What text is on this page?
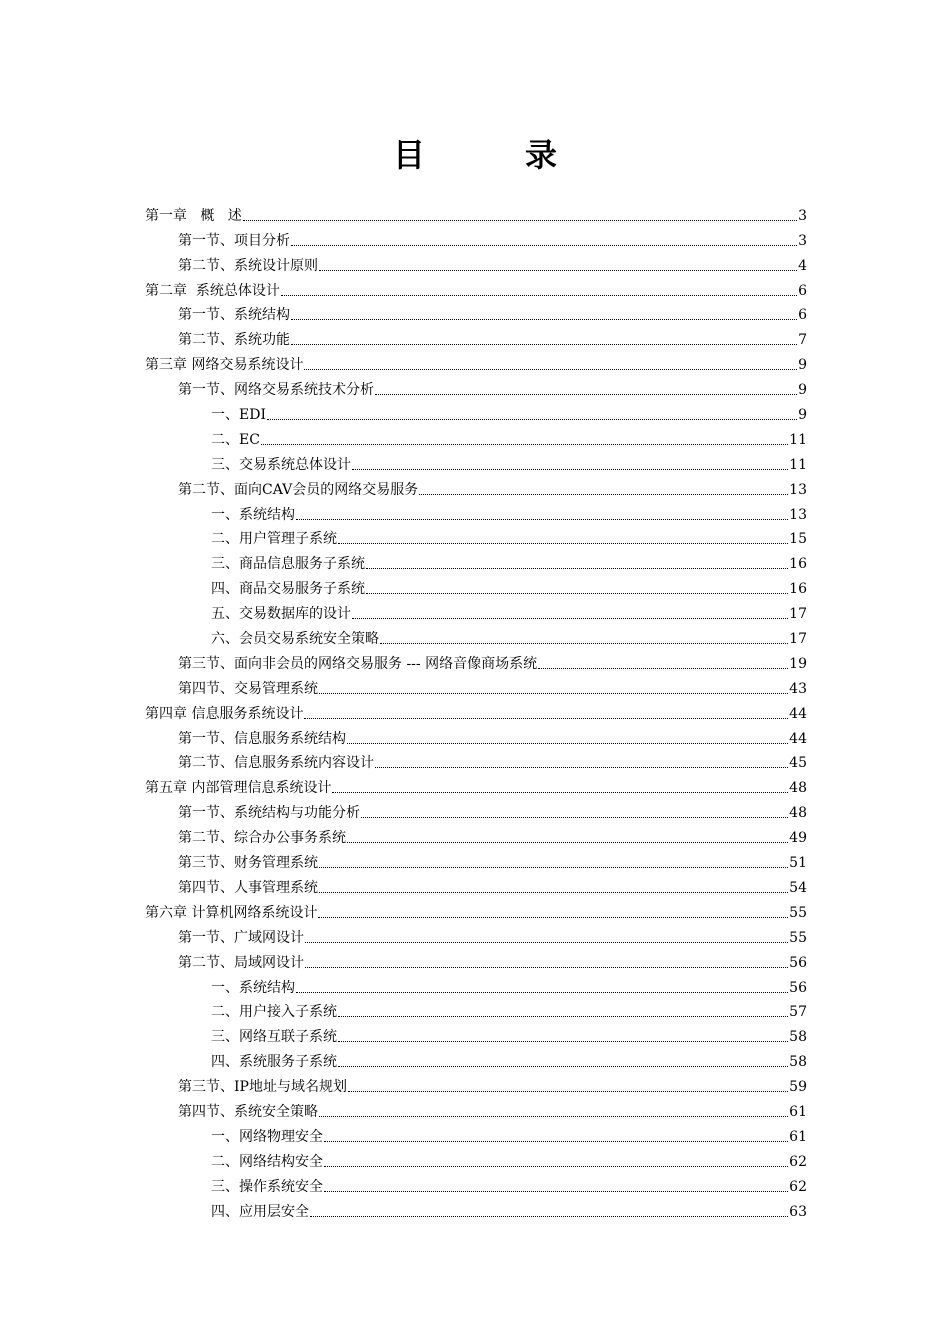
目	录
第一章   概   述	3
第一节、项目分析	3
第二节、系统设计原则	4
第二章  系统总体设计	6
第一节、系统结构	6
第二节、系统功能	7
第三章 网络交易系统设计	9
第一节、网络交易系统技术分析	9
一、EDI	9
二、EC	11
三、交易系统总体设计	11
第二节、面向CAV会员的网络交易服务	13
一、系统结构	13
二、用户管理子系统	15
三、商品信息服务子系统	16
四、商品交易服务子系统	16
五、交易数据库的设计	17
六、会员交易系统安全策略	17
第三节、面向非会员的网络交易服务 --- 网络音像商场系统	19
第四节、交易管理系统	43
第四章 信息服务系统设计	44
第一节、信息服务系统结构	44
第二节、信息服务系统内容设计	45
第五章 内部管理信息系统设计	48
第一节、系统结构与功能分析	48
第二节、综合办公事务系统	49
第三节、财务管理系统	51
第四节、人事管理系统	54
第六章 计算机网络系统设计	55
第一节、广域网设计	55
第二节、局域网设计	56
一、系统结构	56
二、用户接入子系统	57
三、网络互联子系统	58
四、系统服务子系统	58
第三节、IP地址与域名规划	59
第四节、系统安全策略	61
一、网络物理安全	61
二、网络结构安全	62
三、操作系统安全	62
四、应用层安全	63
